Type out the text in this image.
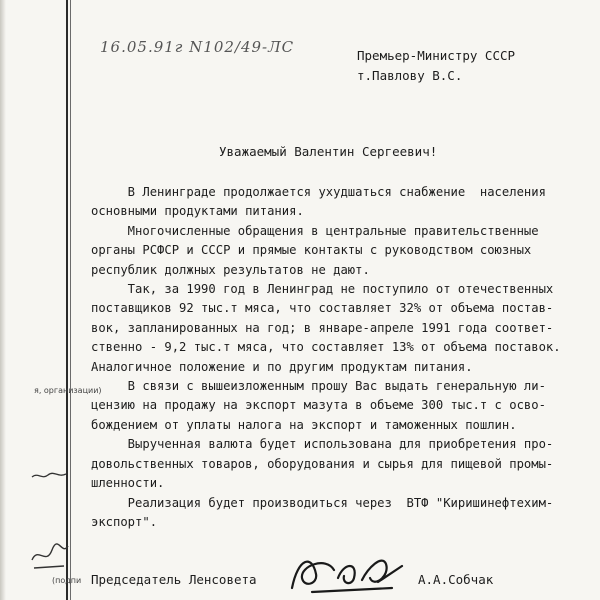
16.05.91г N102/49-ЛС	Премьер-Министру СССР
т.Павлову В.С.
Уважаемый Валентин Сергеевич!

В Ленинграде продолжается ухудшаться снабжение  населения

основными продуктами питания.

Многочисленные обращения в центральные правительственные

органы РСФСР и СССР и прямые контакты с руководством союзных

республик должных результатов не дают.

Так, за 1990 год в Ленинград не поступило от отечественных

поставщиков 92 тыс.т мяса, что составляет 32% от объема постав-

вок, запланированных на год; в январе-апреле 1991 года соответ-

ственно - 9,2 тыс.т мяса, что составляет 13% от объема поставок.

Аналогичное положение и по другим продуктам питания.

В связи с вышеизложенным прошу Вас выдать генеральную ли-

цензию на продажу на экспорт мазута в объеме 300 тыс.т с осво-

бождением от уплаты налога на экспорт и таможенных пошлин.

Вырученная валюта будет использована для приобретения про-

довольственных товаров, оборудования и сырья для пищевой промы-

шленности.

Реализация будет производиться через  ВТФ "Киришинефтехим-

экспорт".

я, организации)
(подпи Председатель Ленсовета	А.А.Собчак
